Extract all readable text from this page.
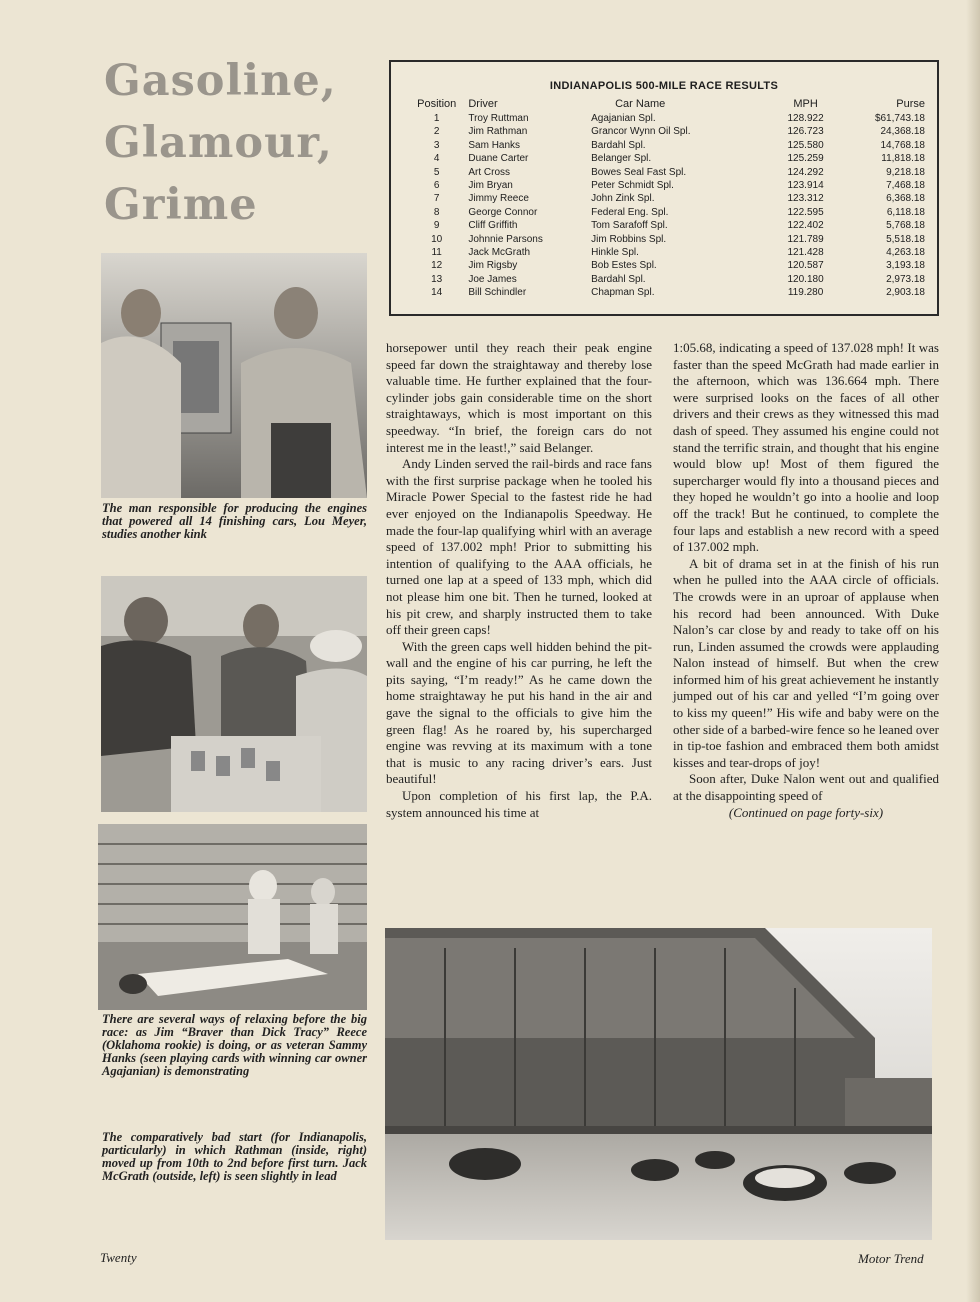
Gasoline,
Glamour,
Grime
INDIANAPOLIS 500-MILE RACE RESULTS
Position	Driver	Car Name	MPH	Purse
1	Troy Ruttman	Agajanian Spl.	128.922	$61,743.18
2	Jim Rathman	Grancor Wynn Oil Spl.	126.723	24,368.18
3	Sam Hanks	Bardahl Spl.	125.580	14,768.18
4	Duane Carter	Belanger Spl.	125.259	11,818.18
5	Art Cross	Bowes Seal Fast Spl.	124.292	9,218.18
6	Jim Bryan	Peter Schmidt Spl.	123.914	7,468.18
7	Jimmy Reece	John Zink Spl.	123.312	6,368.18
8	George Connor	Federal Eng. Spl.	122.595	6,118.18
9	Cliff Griffith	Tom Sarafoff Spl.	122.402	5,768.18
10	Johnnie Parsons	Jim Robbins Spl.	121.789	5,518.18
11	Jack McGrath	Hinkle Spl.	121.428	4,263.18
12	Jim Rigsby	Bob Estes Spl.	120.587	3,193.18
13	Joe James	Bardahl Spl.	120.180	2,973.18
14	Bill Schindler	Chapman Spl.	119.280	2,903.18
The man responsible for producing the engines that powered all 14 finishing cars, Lou Meyer, studies another kink
There are several ways of relaxing before the big race: as Jim “Braver than Dick Tracy” Reece (Oklahoma rookie) is doing, or as veteran Sammy Hanks (seen playing cards with winning car owner Agajanian) is demonstrating
The comparatively bad start (for Indianapolis, particularly) in which Rathman (inside, right) moved up from 10th to 2nd before first turn. Jack McGrath (outside, left) is seen slightly in lead

horsepower until they reach their peak engine speed far down the straightaway and thereby lose valuable time. He further explained that the four-cylinder jobs gain considerable time on the short straightaways, which is most important on this speedway. “In brief, the foreign cars do not interest me in the least!,” said Belanger.

Andy Linden served the rail-birds and race fans with the first surprise package when he tooled his Miracle Power Special to the fastest ride he had ever enjoyed on the Indianapolis Speedway. He made the four-lap qualifying whirl with an average speed of 137.002 mph! Prior to submitting his intention of qualifying to the AAA officials, he turned one lap at a speed of 133 mph, which did not please him one bit. Then he turned, looked at his pit crew, and sharply instructed them to take off their green caps!

With the green caps well hidden behind the pit-wall and the engine of his car purring, he left the pits saying, “I’m ready!” As he came down the home straightaway he put his hand in the air and gave the signal to the officials to give him the green flag! As he roared by, his supercharged engine was revving at its maximum with a tone that is music to any racing driver’s ears. Just beautiful!

Upon completion of his first lap, the P.A. system announced his time at

1:05.68, indicating a speed of 137.028 mph! It was faster than the speed McGrath had made earlier in the afternoon, which was 136.664 mph. There were surprised looks on the faces of all other drivers and their crews as they witnessed this mad dash of speed. They assumed his engine could not stand the terrific strain, and thought that his engine would blow up! Most of them figured the supercharger would fly into a thousand pieces and they hoped he wouldn’t go into a hoolie and loop off the track! But he continued, to complete the four laps and establish a new record with a speed of 137.002 mph.

A bit of drama set in at the finish of his run when he pulled into the AAA circle of officials. The crowds were in an uproar of applause when his record had been announced. With Duke Nalon’s car close by and ready to take off on his run, Linden assumed the crowds were applauding Nalon instead of himself. But when the crew informed him of his great achievement he instantly jumped out of his car and yelled “I’m going over to kiss my queen!” His wife and baby were on the other side of a barbed-wire fence so he leaned over in tip-toe fashion and embraced them both amidst kisses and tear-drops of joy!

Soon after, Duke Nalon went out and qualified at the disappointing speed of

(Continued on page forty-six)
Twenty	Motor Trend
